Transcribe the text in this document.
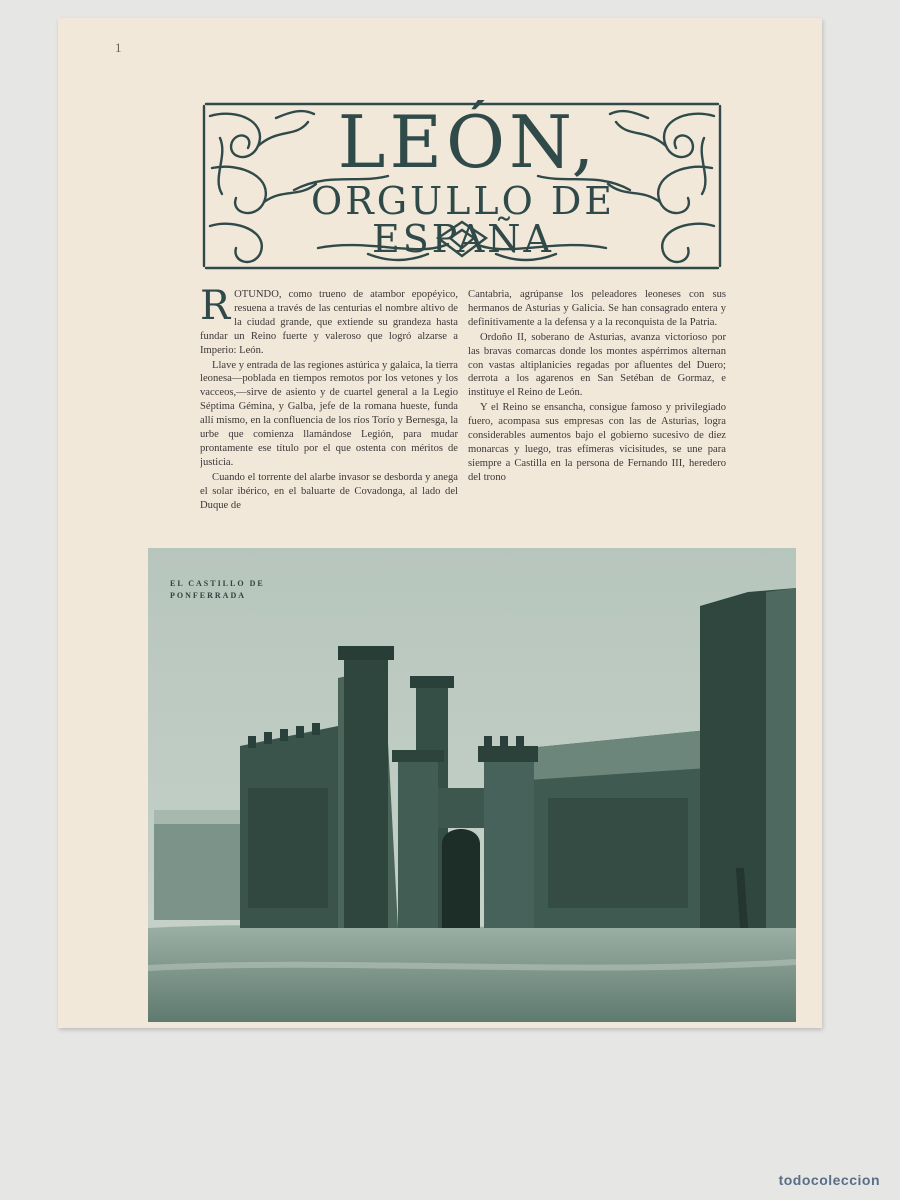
1
LEÓN,
ORGULLO DE ESPAÑA

ROTUNDO, como trueno de atambor epopéyico, resuena a través de las centurias el nombre altivo de la ciudad grande, que extiende su grandeza hasta fundar un Reino fuerte y valeroso que logró alzarse a Imperio: León.

Llave y entrada de las regiones astúrica y galaica, la tierra leonesa—poblada en tiempos remotos por los vetones y los vacceos,—sirve de asiento y de cuartel general a la Legio Séptima Gémina, y Galba, jefe de la romana hueste, funda allí mismo, en la confluencia de los ríos Torío y Bernesga, la urbe que comienza llamándose Legión, para mudar prontamente ese título por el que ostenta con méritos de justicia.

Cuando el torrente del alarbe invasor se desborda y anega el solar ibérico, en el baluarte de Covadonga, al lado del Duque de

Cantabria, agrúpanse los peleadores leoneses con sus hermanos de Asturias y Galicia. Se han consagrado entera y definitivamente a la defensa y a la reconquista de la Patria.

Ordoño II, soberano de Asturias, avanza victorioso por las bravas comarcas donde los montes aspérrimos alternan con vastas altiplanicies regadas por afluentes del Duero; derrota a los agarenos en San Setéban de Gormaz, e instituye el Reino de León.

Y el Reino se ensancha, consigue famoso y privilegiado fuero, acompasa sus empresas con las de Asturias, logra considerables aumentos bajo el gobierno sucesivo de diez monarcas y luego, tras efímeras vicisitudes, se une para siempre a Castilla en la persona de Fernando III, heredero del trono

EL CASTILLO DE
PONFERRADA
todocoleccion
